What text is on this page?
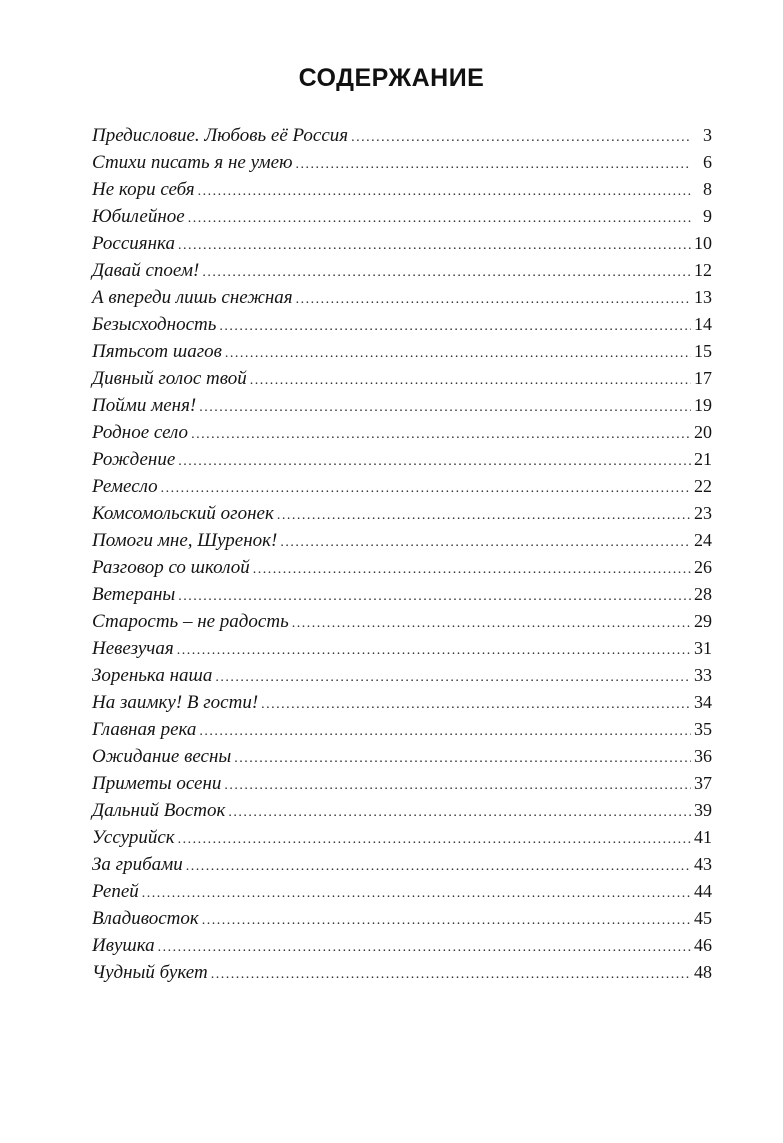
СОДЕРЖАНИЕ
Предисловие. Любовь её Россия . . .	3
Стихи писать я не умею . . .	6
Не кори себя . . .	8
Юбилейное . . .	9
Россиянка . . .	10
Давай споем! . . .	12
А впереди лишь снежная . . .	13
Безысходность . . .	14
Пятьсот шагов . . .	15
Дивный голос твой . . .	17
Пойми меня! . . .	19
Родное село . . .	20
Рождение . . .	21
Ремесло . . .	22
Комсомольский огонек . . .	23
Помоги мне, Шуренок! . . .	24
Разговор со школой . . .	26
Ветераны . . .	28
Старость – не радость . . .	29
Невезучая . . .	31
Зоренька наша . . .	33
На заимку! В гости! . . .	34
Главная река . . .	35
Ожидание весны . . .	36
Приметы осени . . .	37
Дальний Восток . . .	39
Уссурийск . . .	41
За грибами . . .	43
Репей . . .	44
Владивосток . . .	45
Ивушка . . .	46
Чудный букет . . .	48
